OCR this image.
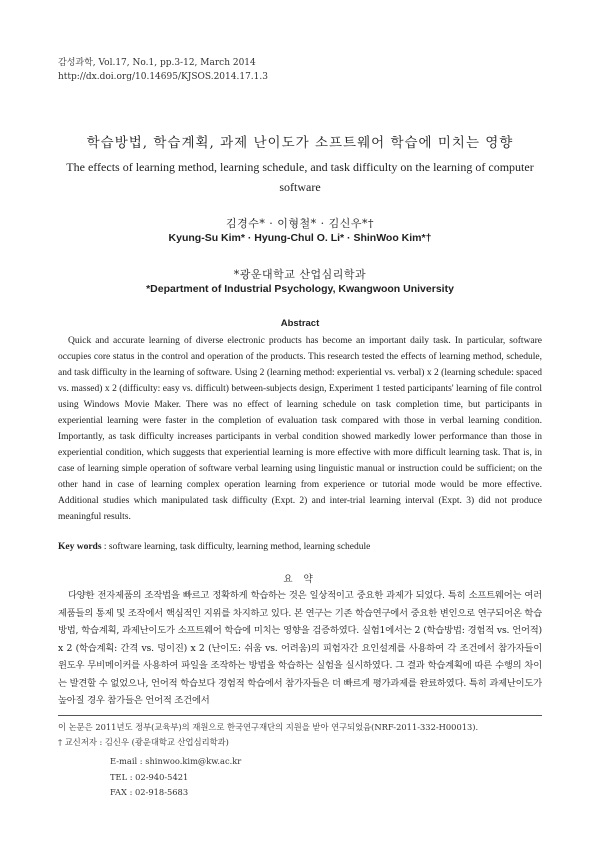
감성과학, Vol.17, No.1, pp.3-12, March 2014
http://dx.doi.org/10.14695/KJSOS.2014.17.1.3
학습방법, 학습계획, 과제 난이도가 소프트웨어 학습에 미치는 영향
The effects of learning method, learning schedule, and task difficulty on the learning of computer software
김경수* · 이형철* · 김신우*†
Kyung-Su Kim* · Hyung-Chul O. Li* · ShinWoo Kim*†
*광운대학교 산업심리학과
*Department of Industrial Psychology, Kwangwoon University
Abstract

Quick and accurate learning of diverse electronic products has become an important daily task. In particular, software occupies core status in the control and operation of the products. This research tested the effects of learning method, schedule, and task difficulty in the learning of software. Using 2 (learning method: experiential vs. verbal) x 2 (learning schedule: spaced vs. massed) x 2 (difficulty: easy vs. difficult) between-subjects design, Experiment 1 tested participants' learning of file control using Windows Movie Maker. There was no effect of learning schedule on task completion time, but participants in experiential learning were faster in the completion of evaluation task compared with those in verbal learning condition. Importantly, as task difficulty increases participants in verbal condition showed markedly lower performance than those in experiential condition, which suggests that experiential learning is more effective with more difficult learning task. That is, in case of learning simple operation of software verbal learning using linguistic manual or instruction could be sufficient; on the other hand in case of learning complex operation learning from experience or tutorial mode would be more effective. Additional studies which manipulated task difficulty (Expt. 2) and inter-trial learning interval (Expt. 3) did not produce meaningful results.

Key words : software learning, task difficulty, learning method, learning schedule
요 약

다양한 전자제품의 조작법을 빠르고 정확하게 학습하는 것은 일상적이고 중요한 과제가 되었다. 특히 소프트웨어는 여러 제품들의 통제 및 조작에서 핵심적인 지위를 차지하고 있다. 본 연구는 기존 학습연구에서 중요한 변인으로 연구되어온 학습방법, 학습계획, 과제난이도가 소프트웨어 학습에 미치는 영향을 검증하였다. 실험1에서는 2 (학습방법: 경험적 vs. 언어적) x 2 (학습계획: 간격 vs. 덩이진) x 2 (난이도: 쉬움 vs. 어려움)의 피험자간 요인설계를 사용하여 각 조건에서 참가자들이 윈도우 무비메이커를 사용하여 파일을 조작하는 방법을 학습하는 실험을 실시하였다. 그 결과 학습계획에 따른 수행의 차이는 발견할 수 없었으나, 언어적 학습보다 경험적 학습에서 참가자들은 더 빠르게 평가과제를 완료하였다. 특히 과제난이도가 높아질 경우 참가들은 언어적 조건에서

이 논문은 2011년도 정부(교육부)의 재원으로 한국연구재단의 지원을 받아 연구되었음(NRF-2011-332-H00013).
† 교신저자 : 김신우 (광운대학교 산업심리학과)
E-mail : shinwoo.kim@kw.ac.kr
TEL : 02-940-5421
FAX : 02-918-5683
